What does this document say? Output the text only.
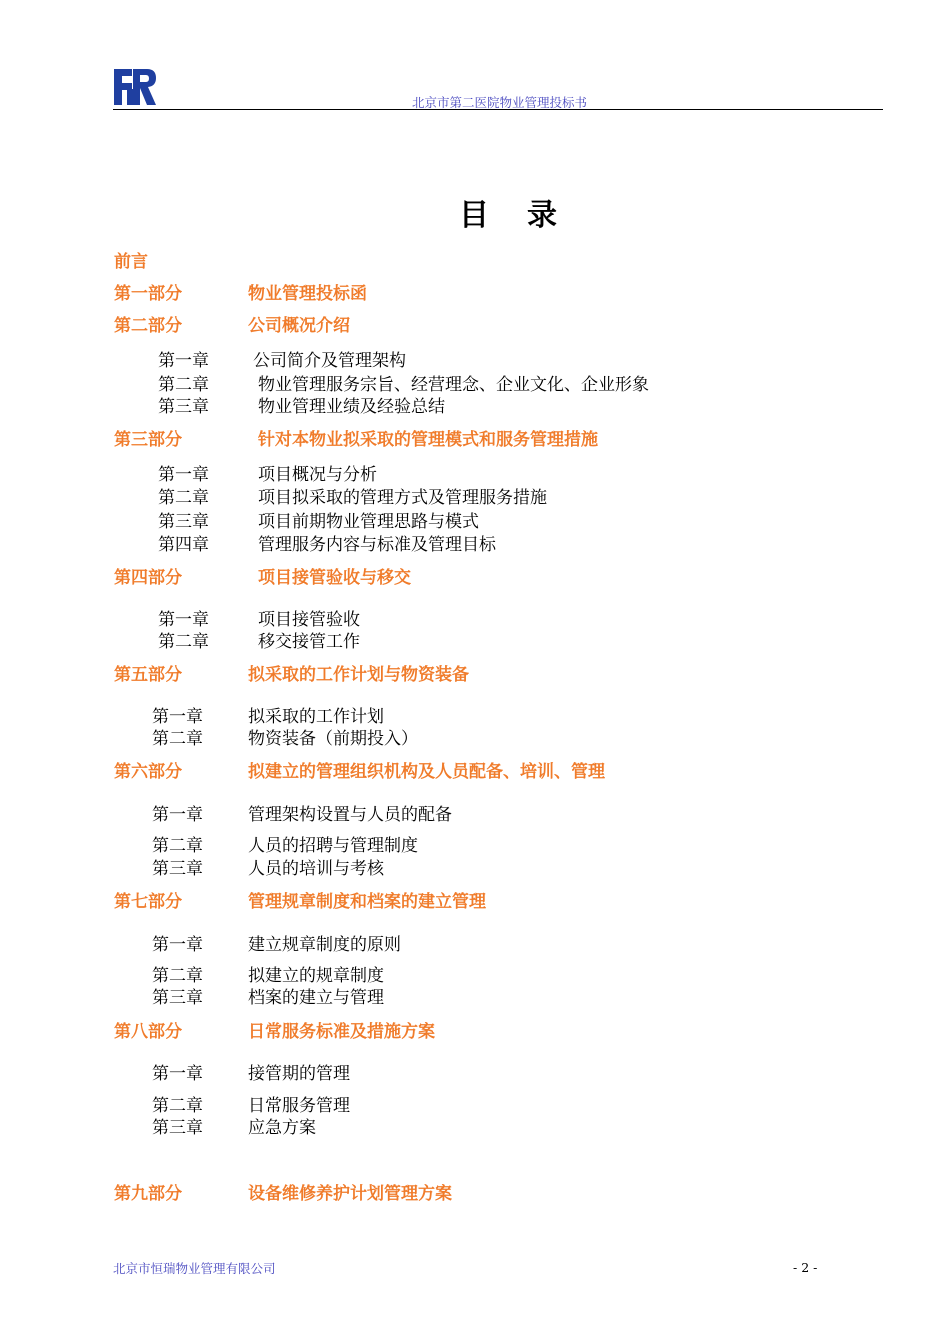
北京市第二医院物业管理投标书
目录
前言
第一部分	物业管理投标函
第二部分	公司概况介绍
第一章	公司简介及管理架构
第二章	物业管理服务宗旨、经营理念、企业文化、企业形象
第三章	物业管理业绩及经验总结
第三部分	针对本物业拟采取的管理模式和服务管理措施
第一章	项目概况与分析
第二章	项目拟采取的管理方式及管理服务措施
第三章	项目前期物业管理思路与模式
第四章	管理服务内容与标准及管理目标
第四部分	项目接管验收与移交
第一章	项目接管验收
第二章	移交接管工作
第五部分	拟采取的工作计划与物资装备
第一章	拟采取的工作计划
第二章	物资装备（前期投入）
第六部分	拟建立的管理组织机构及人员配备、培训、管理
第一章	管理架构设置与人员的配备
第二章	人员的招聘与管理制度
第三章	人员的培训与考核
第七部分	管理规章制度和档案的建立管理
第一章	建立规章制度的原则
第二章	拟建立的规章制度
第三章	档案的建立与管理
第八部分	日常服务标准及措施方案
第一章	接管期的管理
第二章	日常服务管理
第三章	应急方案
第九部分	设备维修养护计划管理方案
北京市恒瑞物业管理有限公司	- 2 -
